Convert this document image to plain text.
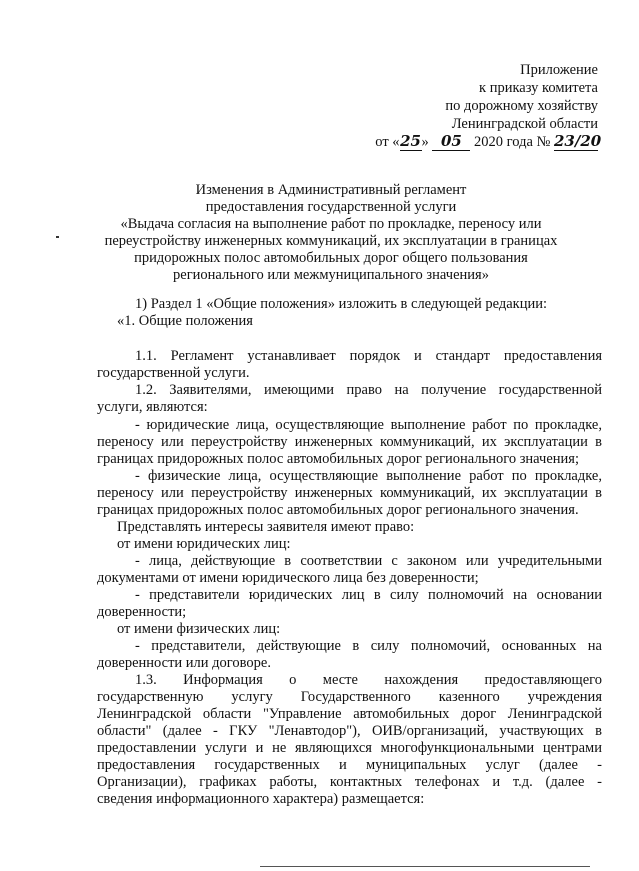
Приложение
к приказу комитета
по дорожному хозяйству
Ленинградской области
от «25» 05 2020 года № 23/20
Изменения в Административный регламент
предоставления государственной услуги
«Выдача согласия на выполнение работ по прокладке, переносу или
переустройству инженерных коммуникаций, их эксплуатации в границах
придорожных полос автомобильных дорог общего пользования
регионального или межмуниципального значения»
1) Раздел 1 «Общие положения» изложить в следующей редакции:
«1. Общие положения
1.1. Регламент устанавливает порядок и стандарт предоставления
государственной услуги.
1.2. Заявителями, имеющими право на получение государственной
услуги, являются:
- юридические лица, осуществляющие выполнение работ по прокладке,
переносу или переустройству инженерных коммуникаций, их эксплуатации в
границах придорожных полос автомобильных дорог регионального значения;
- физические лица, осуществляющие выполнение работ по прокладке,
переносу или переустройству инженерных коммуникаций, их эксплуатации в
границах придорожных полос автомобильных дорог регионального значения.
Представлять интересы заявителя имеют право:
от имени юридических лиц:
- лица, действующие в соответствии с законом или учредительными
документами от имени юридического лица без доверенности;
- представители юридических лиц в силу полномочий на основании
доверенности;
от имени физических лиц:
- представители, действующие в силу полномочий, основанных на
доверенности или договоре.
1.3. Информация о месте нахождения предоставляющего
государственную услугу Государственного казенного учреждения
Ленинградской области "Управление автомобильных дорог Ленинградской
области" (далее - ГКУ "Ленавтодор"), ОИВ/организаций, участвующих в
предоставлении услуги и не являющихся многофункциональными центрами
предоставления государственных и муниципальных услуг (далее -
Организации), графиках работы, контактных телефонах и т.д. (далее -
сведения информационного характера) размещается:
